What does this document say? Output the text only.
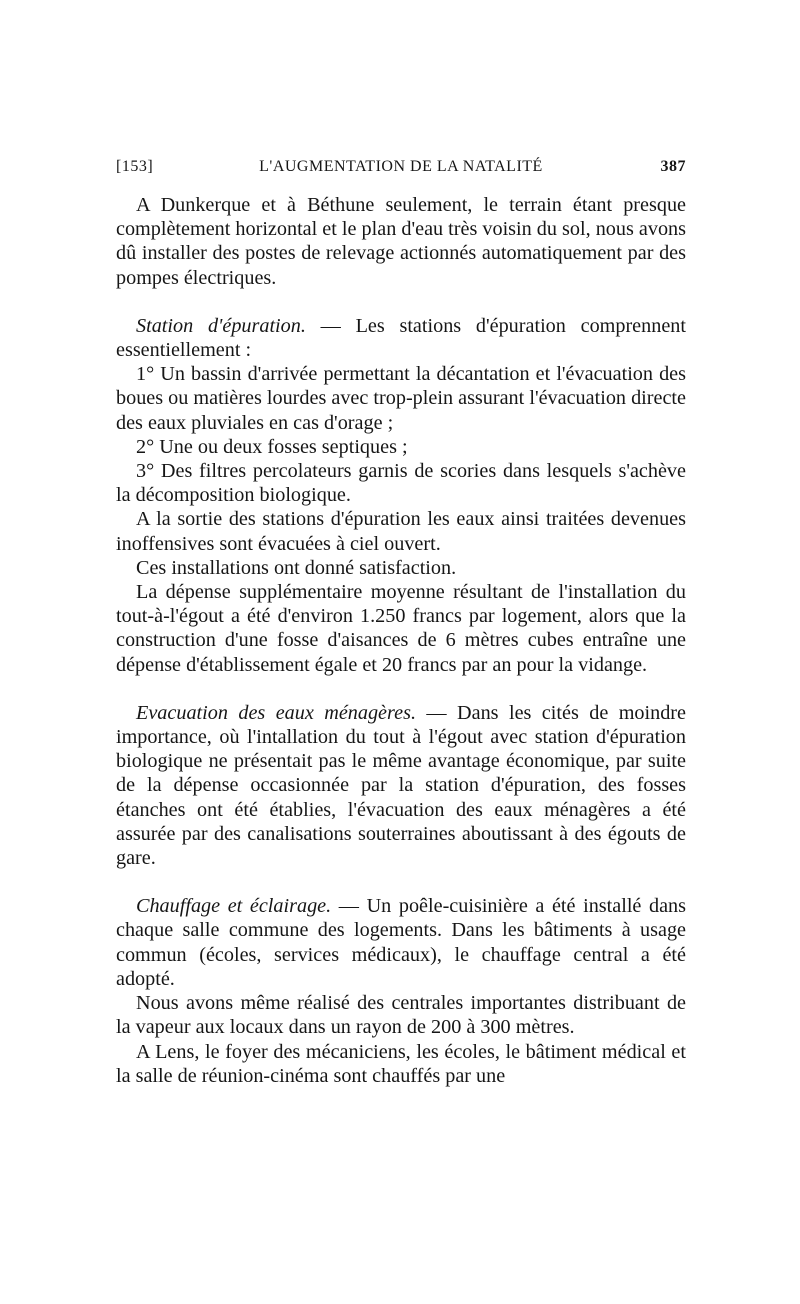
[153]	L'AUGMENTATION DE LA NATALITÉ	387

A Dunkerque et à Béthune seulement, le terrain étant presque complètement horizontal et le plan d'eau très voisin du sol, nous avons dû installer des postes de relevage actionnés automatiquement par des pompes électriques.

Station d'épuration. — Les stations d'épuration comprennent essentiellement :

1° Un bassin d'arrivée permettant la décantation et l'évacuation des boues ou matières lourdes avec trop-plein assurant l'évacuation directe des eaux pluviales en cas d'orage ;

2° Une ou deux fosses septiques ;

3° Des filtres percolateurs garnis de scories dans lesquels s'achève la décomposition biologique.

A la sortie des stations d'épuration les eaux ainsi traitées devenues inoffensives sont évacuées à ciel ouvert.

Ces installations ont donné satisfaction.

La dépense supplémentaire moyenne résultant de l'installation du tout-à-l'égout a été d'environ 1.250 francs par logement, alors que la construction d'une fosse d'aisances de 6 mètres cubes entraîne une dépense d'établissement égale et 20 francs par an pour la vidange.

Evacuation des eaux ménagères. — Dans les cités de moindre importance, où l'intallation du tout à l'égout avec station d'épuration biologique ne présentait pas le même avantage économique, par suite de la dépense occasionnée par la station d'épuration, des fosses étanches ont été établies, l'évacuation des eaux ménagères a été assurée par des canalisations souterraines aboutissant à des égouts de gare.

Chauffage et éclairage. — Un poêle-cuisinière a été installé dans chaque salle commune des logements. Dans les bâtiments à usage commun (écoles, services médicaux), le chauffage central a été adopté.

Nous avons même réalisé des centrales importantes distribuant de la vapeur aux locaux dans un rayon de 200 à 300 mètres.

A Lens, le foyer des mécaniciens, les écoles, le bâtiment médical et la salle de réunion-cinéma sont chauffés par une
